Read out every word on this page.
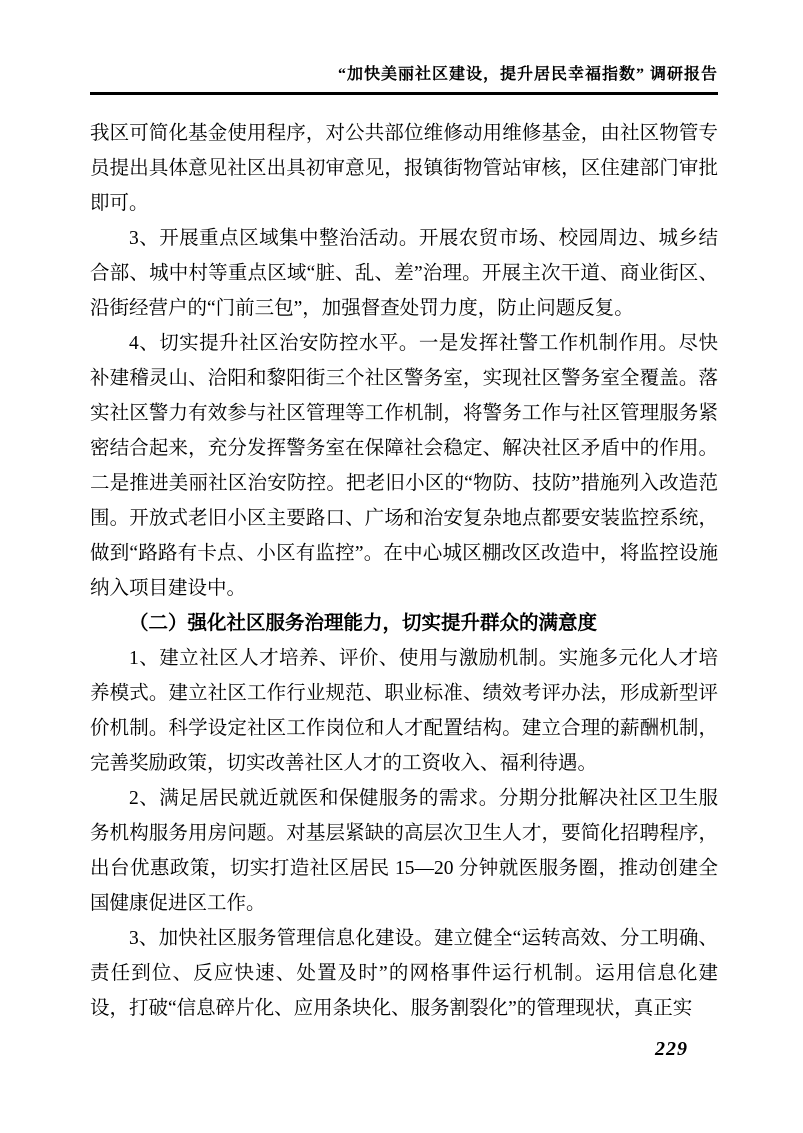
“加快美丽社区建设，提升居民幸福指数” 调研报告

我区可简化基金使用程序，对公共部位维修动用维修基金，由社区物管专员提出具体意见社区出具初审意见，报镇街物管站审核，区住建部门审批即可。

3、开展重点区域集中整治活动。开展农贸市场、校园周边、城乡结合部、城中村等重点区域“脏、乱、差”治理。开展主次干道、商业街区、沿街经营户的“门前三包”，加强督查处罚力度，防止问题反复。

4、切实提升社区治安防控水平。一是发挥社警工作机制作用。尽快补建稽灵山、洽阳和黎阳街三个社区警务室，实现社区警务室全覆盖。落实社区警力有效参与社区管理等工作机制，将警务工作与社区管理服务紧密结合起来，充分发挥警务室在保障社会稳定、解决社区矛盾中的作用。二是推进美丽社区治安防控。把老旧小区的“物防、技防”措施列入改造范围。开放式老旧小区主要路口、广场和治安复杂地点都要安装监控系统，做到“路路有卡点、小区有监控”。在中心城区棚改区改造中，将监控设施纳入项目建设中。

（二）强化社区服务治理能力，切实提升群众的满意度

1、建立社区人才培养、评价、使用与激励机制。实施多元化人才培养模式。建立社区工作行业规范、职业标准、绩效考评办法，形成新型评价机制。科学设定社区工作岗位和人才配置结构。建立合理的薪酬机制，完善奖励政策，切实改善社区人才的工资收入、福利待遇。

2、满足居民就近就医和保健服务的需求。分期分批解决社区卫生服务机构服务用房问题。对基层紧缺的高层次卫生人才，要简化招聘程序，出台优惠政策，切实打造社区居民 15—20 分钟就医服务圈，推动创建全国健康促进区工作。

3、加快社区服务管理信息化建设。建立健全“运转高效、分工明确、责任到位、反应快速、处置及时”的网格事件运行机制。运用信息化建设，打破“信息碎片化、应用条块化、服务割裂化”的管理现状，真正实

229
